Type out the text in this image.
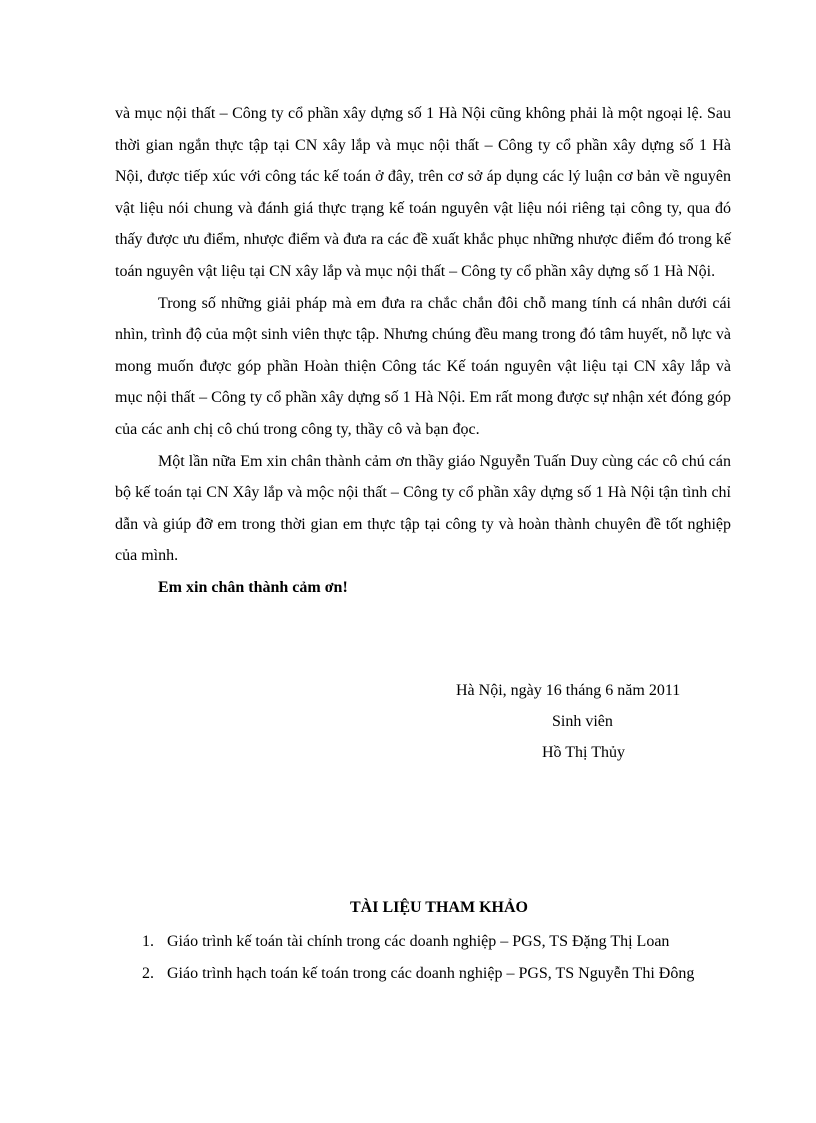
và mục nội thất – Công ty cổ phần xây dựng số 1 Hà Nội cũng không phải là một ngoại lệ. Sau thời gian ngắn thực tập tại CN xây lắp và mục nội thất – Công ty cổ phần xây dựng số 1 Hà Nội, được tiếp xúc với công tác kế toán ở đây, trên cơ sở áp dụng các lý luận cơ bản về nguyên vật liệu nói chung và đánh giá thực trạng kế toán nguyên vật liệu nói riêng tại công ty, qua đó thấy được ưu điểm, nhược điểm và đưa ra các đề xuất khắc phục những nhược điểm đó trong kế toán nguyên vật liệu tại CN xây lắp và mục nội thất – Công ty cổ phần xây dựng số 1 Hà Nội.

Trong số những giải pháp mà em đưa ra chắc chắn đôi chỗ mang tính cá nhân dưới cái nhìn, trình độ của một sinh viên thực tập. Nhưng chúng đều mang trong đó tâm huyết, nỗ lực và mong muốn được góp phần Hoàn thiện Công tác Kế toán nguyên vật liệu tại CN xây lắp và mục nội thất – Công ty cổ phần xây dựng số 1 Hà Nội. Em rất mong được sự nhận xét đóng góp của các anh chị cô chú trong công ty, thầy cô và bạn đọc.

Một lần nữa Em xin chân thành cảm ơn thầy giáo Nguyễn Tuấn Duy cùng các cô chú cán bộ kế toán tại CN Xây lắp và mộc nội thất – Công ty cổ phần xây dựng số 1 Hà Nội tận tình chỉ dẫn và giúp đỡ em trong thời gian em thực tập tại công ty và hoàn thành chuyên đề tốt nghiệp của mình.

Em xin chân thành cảm ơn!

Hà Nội, ngày 16 tháng 6 năm 2011
Sinh viên
Hồ Thị Thủy
TÀI LIỆU THAM KHẢO
1. Giáo trình kế toán tài chính trong các doanh nghiệp – PGS, TS Đặng Thị Loan
2. Giáo trình hạch toán kế toán trong các doanh nghiệp – PGS, TS Nguyễn Thi Đông
